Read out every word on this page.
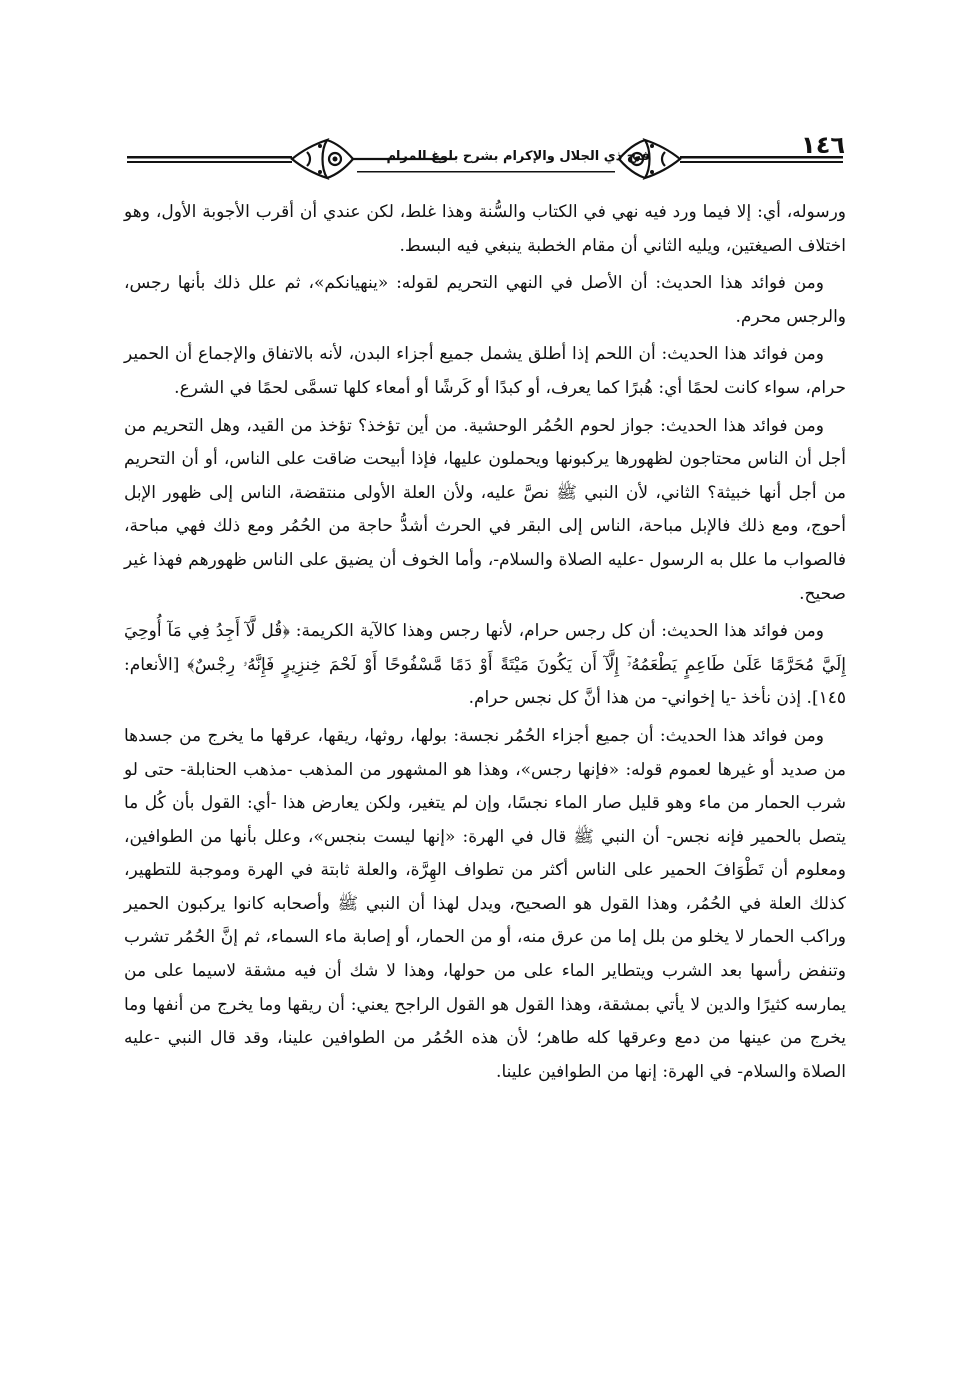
فتح ذي الجلال والإكرام بشرح بلوغ المرام	١٤٦

ورسوله، أي: إلا فيما ورد فيه نهي في الكتاب والسُّنة وهذا غلط، لكن عندي أن أقرب الأجوبة الأول، وهو اختلاف الصيغتين، ويليه الثاني أن مقام الخطبة ينبغي فيه البسط.

ومن فوائد هذا الحديث: أن الأصل في النهي التحريم لقوله: «ينهيانكم»، ثم علل ذلك بأنها رجس، والرجس محرم.

ومن فوائد هذا الحديث: أن اللحم إذا أطلق يشمل جميع أجزاء البدن، لأنه بالاتفاق والإجماع أن الحمير حرام، سواء كانت لحمًا أي: هُبرًا كما يعرف، أو كبدًا أو كَرشًا أو أمعاء كلها تسمَّى لحمًا في الشرع.

ومن فوائد هذا الحديث: جواز لحوم الحُمُر الوحشية. من أين تؤخذ؟ تؤخذ من القيد، وهل التحريم من أجل أن الناس محتاجون لظهورها يركبونها ويحملون عليها، فإذا أبيحت ضاقت على الناس، أو أن التحريم من أجل أنها خبيثة؟ الثاني، لأن النبي ﷺ نصَّ عليه، ولأن العلة الأولى منتقضة، الناس إلى ظهور الإبل أحوج، ومع ذلك فالإبل مباحة، الناس إلى البقر في الحرث أشدُّ حاجة من الحُمُر ومع ذلك فهي مباحة، فالصواب ما علل به الرسول -عليه الصلاة والسلام-، وأما الخوف أن يضيق على الناس ظهورهم فهذا غير صحيح.

ومن فوائد هذا الحديث: أن كل رجس حرام، لأنها رجس وهذا كالآية الكريمة: ﴿قُل لَّآ أَجِدُ فِي مَآ أُوحِيَ إِلَيَّ مُحَرَّمًا عَلَىٰ طَاعِمٍ يَطْعَمُهُۥٓ إِلَّآ أَن يَكُونَ مَيْتَةً أَوْ دَمًا مَّسْفُوحًا أَوْ لَحْمَ خِنزِيرٍ فَإِنَّهُۥ رِجْسٌ﴾ [الأنعام: ١٤٥]. إذن نأخذ -يا إخواني- من هذا أنَّ كل نجس حرام.

ومن فوائد هذا الحديث: أن جميع أجزاء الحُمُر نجسة: بولها، روثها، ريقها، عرقها ما يخرج من جسدها من صديد أو غيرها لعموم قوله: «فإنها رجس»، وهذا هو المشهور من المذهب -مذهب الحنابلة- حتى لو شرب الحمار من ماء وهو قليل صار الماء نجسًا، وإن لم يتغير، ولكن يعارض هذا -أي: القول بأن كُل ما يتصل بالحمير فإنه نجس- أن النبي ﷺ قال في الهرة: «إنها ليست بنجس»، وعلل بأنها من الطوافين، ومعلوم أن تَطْوَافَ الحمير على الناس أكثر من تطواف الهِرَّة، والعلة ثابتة في الهرة وموجبة للتطهير، كذلك العلة في الحُمُر، وهذا القول هو الصحيح، ويدل لهذا أن النبي ﷺ وأصحابه كانوا يركبون الحمير وراكب الحمار لا يخلو من بلل إما من عرق منه، أو من الحمار، أو إصابة ماء السماء، ثم إنَّ الحُمُر تشرب وتنفض رأسها بعد الشرب ويتطاير الماء على من حولها، وهذا لا شك أن فيه مشقة لاسيما على من يمارسه كثيرًا والدين لا يأتي بمشقة، وهذا القول هو القول الراجح يعني: أن ريقها وما يخرج من أنفها وما يخرج من عينها من دمع وعرقها كله طاهر؛ لأن هذه الحُمُر من الطوافين علينا، وقد قال النبي -عليه الصلاة والسلام- في الهرة: إنها من الطوافين علينا.
